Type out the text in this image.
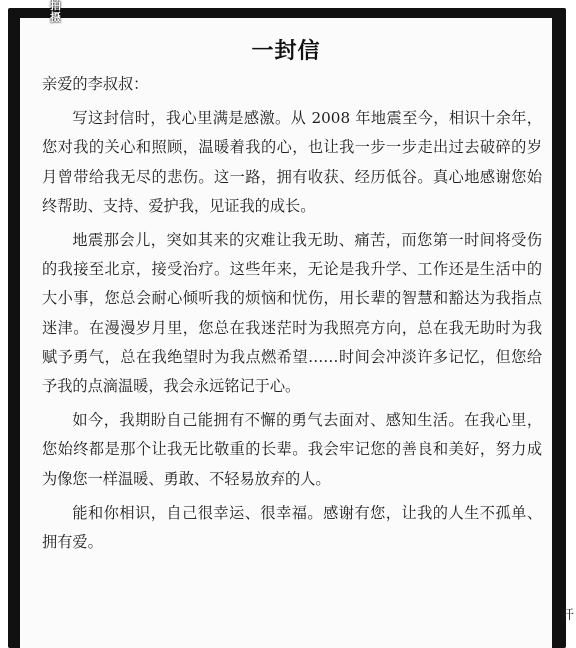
一封信

亲爱的李叔叔：

写这封信时，我心里满是感激。从 2008 年地震至今，相识十余年，您对我的关心和照顾，温暖着我的心，也让我一步一步走出过去破碎的岁月曾带给我无尽的悲伤。这一路，拥有收获、经历低谷。真心地感谢您始终帮助、支持、爱护我，见证我的成长。

地震那会儿，突如其来的灾难让我无助、痛苦，而您第一时间将受伤的我接至北京，接受治疗。这些年来，无论是我升学、工作还是生活中的大小事，您总会耐心倾听我的烦恼和忧伤，用长辈的智慧和豁达为我指点迷津。在漫漫岁月里，您总在我迷茫时为我照亮方向，总在我无助时为我赋予勇气，总在我绝望时为我点燃希望……时间会冲淡许多记忆，但您给予我的点滴温暖，我会永远铭记于心。

如今，我期盼自己能拥有不懈的勇气去面对、感知生活。在我心里，您始终都是那个让我无比敬重的长辈。我会牢记您的善良和美好，努力成为像您一样温暖、勇敢、不轻易放弃的人。

能和你相识，自己很幸运、很幸福。感谢有您，让我的人生不孤单、拥有爱。

拍摄
开
